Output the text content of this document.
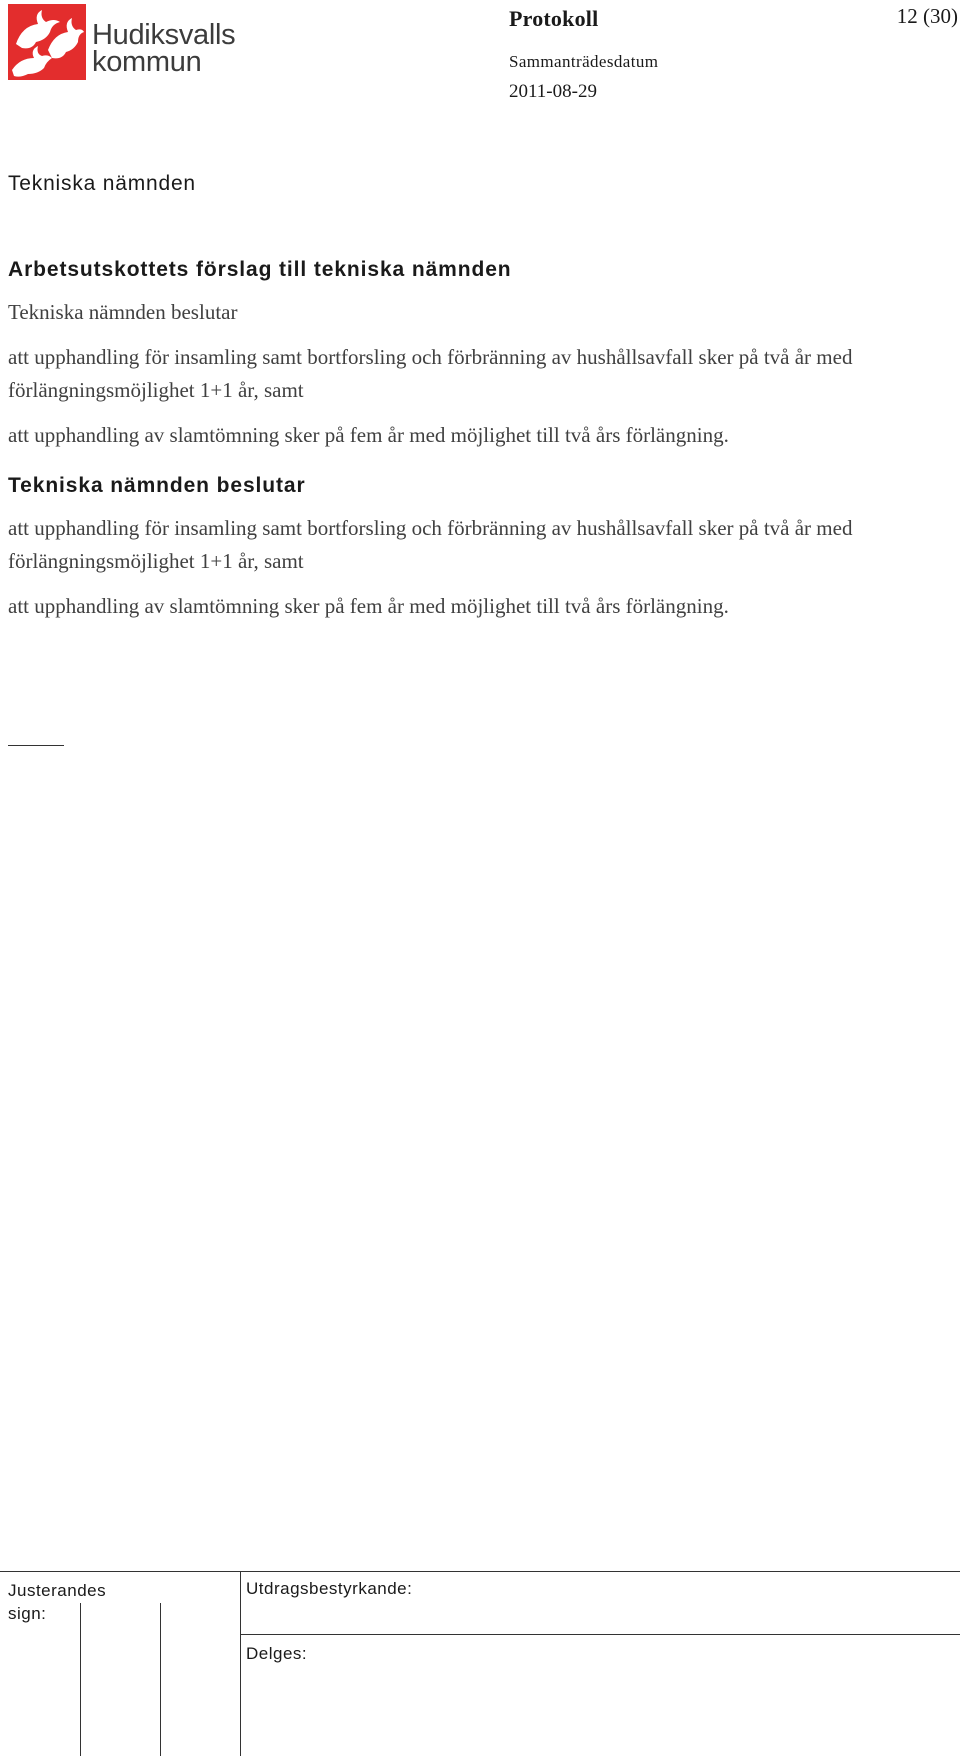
Hudiksvalls
kommun
Protokoll	12 (30)
Sammanträdesdatum
2011-08-29
Tekniska nämnden
Arbetsutskottets förslag till tekniska nämnden

Tekniska nämnden beslutar

att upphandling för insamling samt bortforsling och förbränning av hushållsavfall sker på två år med förlängningsmöjlighet 1+1 år, samt

att upphandling av slamtömning sker på fem år med möjlighet till två års förlängning.

Tekniska nämnden beslutar

att upphandling för insamling samt bortforsling och förbränning av hushållsavfall sker på två år med förlängningsmöjlighet 1+1 år, samt

att upphandling av slamtömning sker på fem år med möjlighet till två års förlängning.

Justerandes sign:
Utdragsbestyrkande:
Delges:
